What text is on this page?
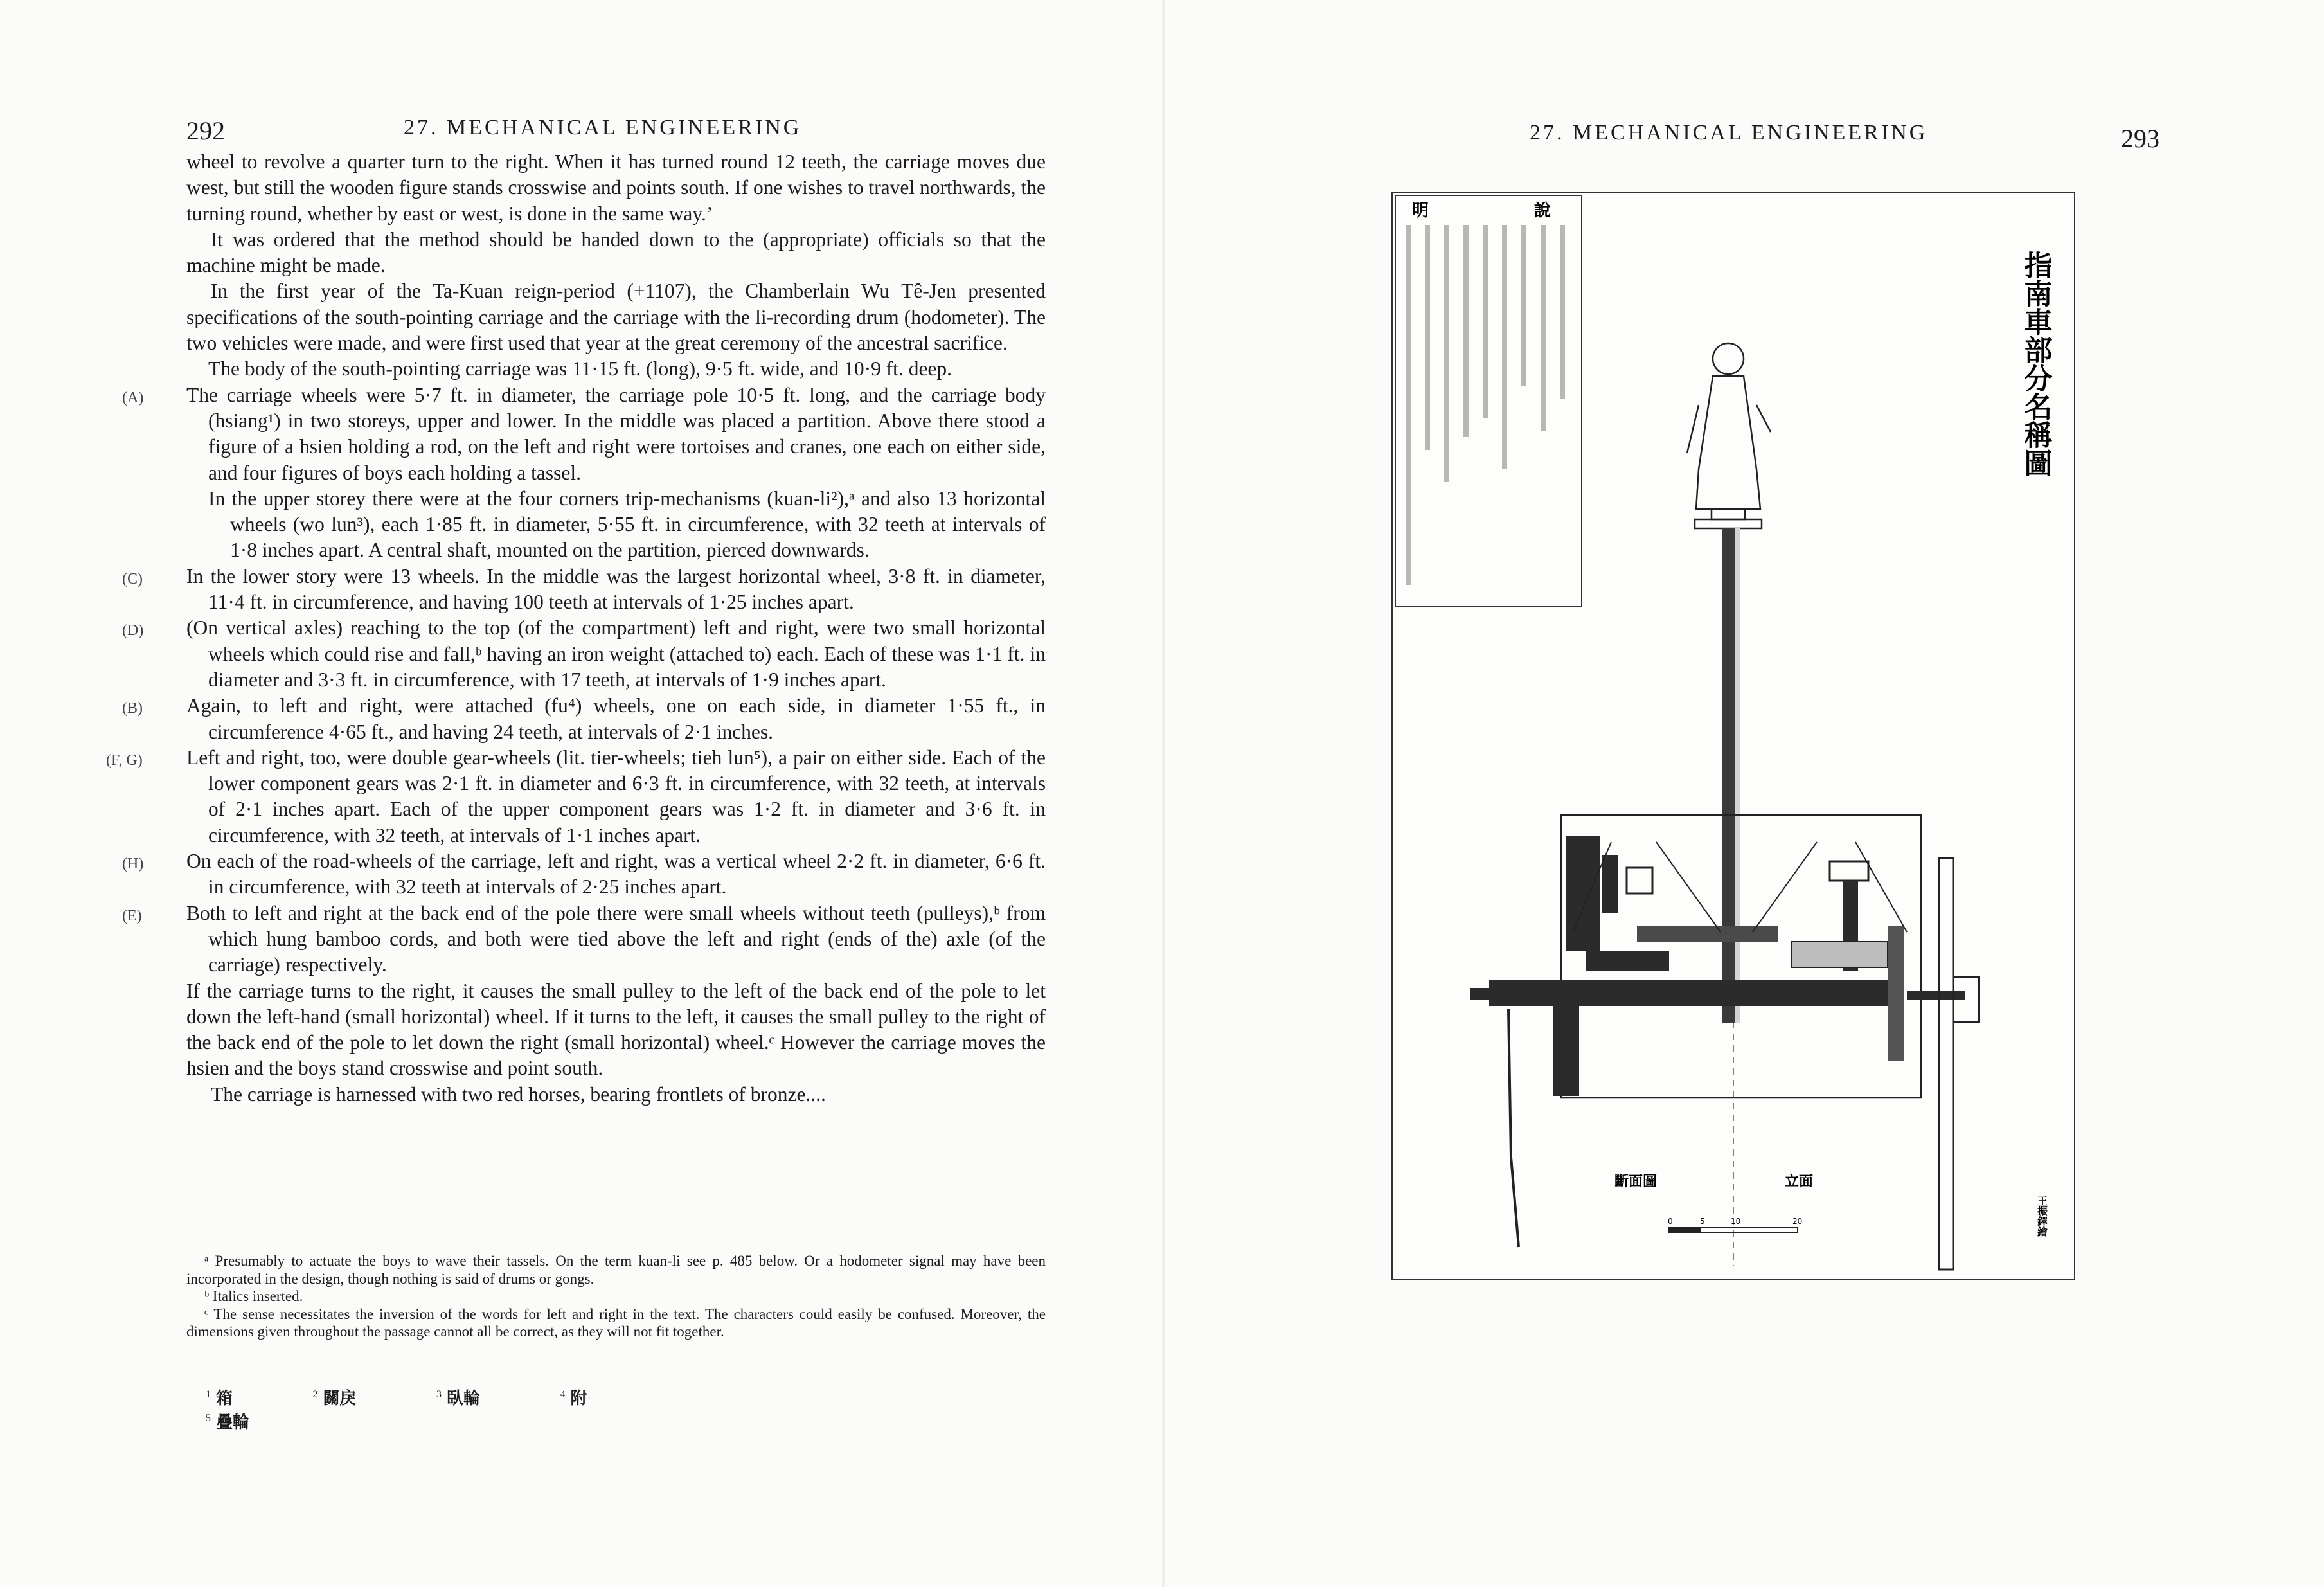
292	27. MECHANICAL ENGINEERING

wheel to revolve a quarter turn to the right. When it has turned round 12 teeth, the carriage moves due west, but still the wooden figure stands crosswise and points south. If one wishes to travel northwards, the turning round, whether by east or west, is done in the same way.’

It was ordered that the method should be handed down to the (appropriate) officials so that the machine might be made.

In the first year of the Ta-Kuan reign-period (+1107), the Chamberlain Wu Tê-Jen presented specifications of the south-pointing carriage and the carriage with the li-recording drum (hodometer). The two vehicles were made, and were first used that year at the great ceremony of the ancestral sacrifice.

The body of the south-pointing carriage was 11·15 ft. (long), 9·5 ft. wide, and 10·9 ft. deep.

(A)	The carriage wheels were 5·7 ft. in diameter, the carriage pole 10·5 ft. long, and the carriage body (hsiang¹) in two storeys, upper and lower. In the middle was placed a partition. Above there stood a figure of a hsien holding a rod, on the left and right were tortoises and cranes, one each on either side, and four figures of boys each holding a tassel.

In the upper storey there were at the four corners trip-mechanisms (kuan-li²),ᵃ and also 13 horizontal wheels (wo lun³), each 1·85 ft. in diameter, 5·55 ft. in circumference, with 32 teeth at intervals of 1·8 inches apart. A central shaft, mounted on the partition, pierced downwards.

(C)	In the lower story were 13 wheels. In the middle was the largest horizontal wheel, 3·8 ft. in diameter, 11·4 ft. in circumference, and having 100 teeth at intervals of 1·25 inches apart.

(D)	(On vertical axles) reaching to the top (of the compartment) left and right, were two small horizontal wheels which could rise and fall,ᵇ having an iron weight (attached to) each. Each of these was 1·1 ft. in diameter and 3·3 ft. in circumference, with 17 teeth, at intervals of 1·9 inches apart.

(B)	Again, to left and right, were attached (fu⁴) wheels, one on each side, in diameter 1·55 ft., in circumference 4·65 ft., and having 24 teeth, at intervals of 2·1 inches.

(F, G)	Left and right, too, were double gear-wheels (lit. tier-wheels; tieh lun⁵), a pair on either side. Each of the lower component gears was 2·1 ft. in diameter and 6·3 ft. in circumference, with 32 teeth, at intervals of 2·1 inches apart. Each of the upper component gears was 1·2 ft. in diameter and 3·6 ft. in circumference, with 32 teeth, at intervals of 1·1 inches apart.

(H)	On each of the road-wheels of the carriage, left and right, was a vertical wheel 2·2 ft. in diameter, 6·6 ft. in circumference, with 32 teeth at intervals of 2·25 inches apart.

(E)	Both to left and right at the back end of the pole there were small wheels without teeth (pulleys),ᵇ from which hung bamboo cords, and both were tied above the left and right (ends of the) axle (of the carriage) respectively.

If the carriage turns to the right, it causes the small pulley to the left of the back end of the pole to let down the left-hand (small horizontal) wheel. If it turns to the left, it causes the small pulley to the right of the back end of the pole to let down the right (small horizontal) wheel.ᶜ However the carriage moves the hsien and the boys stand crosswise and point south.

The carriage is harnessed with two red horses, bearing frontlets of bronze....

ᵃ Presumably to actuate the boys to wave their tassels. On the term kuan-li see p. 485 below. Or a hodometer signal may have been incorporated in the design, though nothing is said of drums or gongs.

ᵇ Italics inserted.

ᶜ The sense necessitates the inversion of the words for left and right in the text. The characters could easily be confused. Moreover, the dimensions given throughout the passage cannot all be correct, as they will not fit together.

$^1$ 箱	$^2$ 關戾	$^3$ 臥輪	$^4$ 附 $^5$ 疊輪
27. MECHANICAL ENGINEERING	293
明	說
指南車部分名稱圖
斷面圖	立面
0	5	10	20	王振鐸繪
